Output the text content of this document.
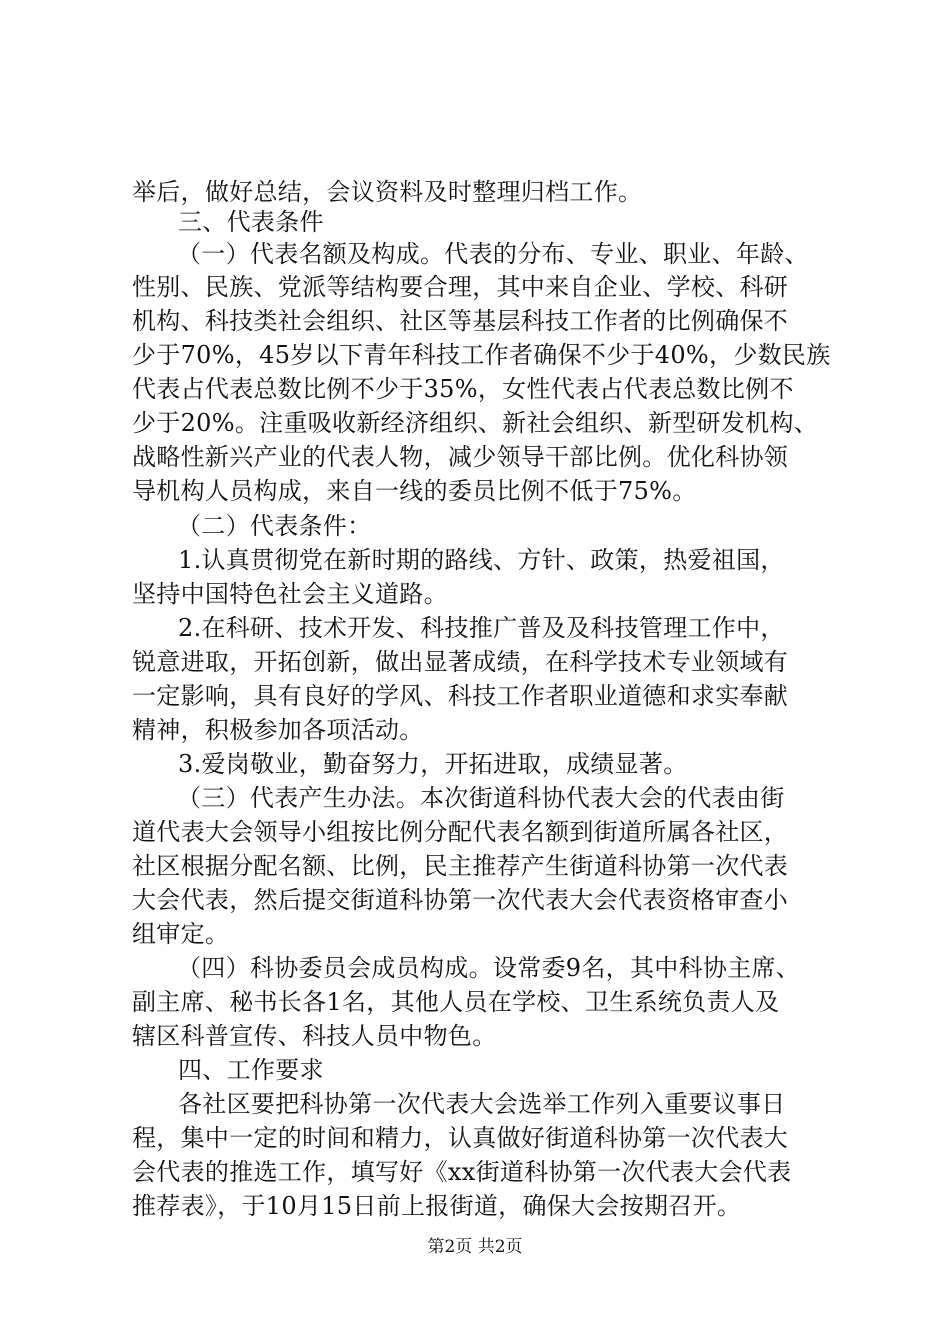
举后，做好总结，会议资料及时整理归档工作。
三、代表条件
（一）代表名额及构成。代表的分布、专业、职业、年龄、
性别、民族、党派等结构要合理，其中来自企业、学校、科研
机构、科技类社会组织、社区等基层科技工作者的比例确保不
少于70%，45岁以下青年科技工作者确保不少于40%，少数民族
代表占代表总数比例不少于35%，女性代表占代表总数比例不
少于20%。注重吸收新经济组织、新社会组织、新型研发机构、
战略性新兴产业的代表人物，减少领导干部比例。优化科协领
导机构人员构成，来自一线的委员比例不低于75%。
（二）代表条件：
1.认真贯彻党在新时期的路线、方针、政策，热爱祖国，
坚持中国特色社会主义道路。
2.在科研、技术开发、科技推广普及及科技管理工作中，
锐意进取，开拓创新，做出显著成绩，在科学技术专业领域有
一定影响，具有良好的学风、科技工作者职业道德和求实奉献
精神，积极参加各项活动。
3.爱岗敬业，勤奋努力，开拓进取，成绩显著。
（三）代表产生办法。本次街道科协代表大会的代表由街
道代表大会领导小组按比例分配代表名额到街道所属各社区，
社区根据分配名额、比例，民主推荐产生街道科协第一次代表
大会代表，然后提交街道科协第一次代表大会代表资格审查小
组审定。
（四）科协委员会成员构成。设常委9名，其中科协主席、
副主席、秘书长各1名，其他人员在学校、卫生系统负责人及
辖区科普宣传、科技人员中物色。
四、工作要求
各社区要把科协第一次代表大会选举工作列入重要议事日
程，集中一定的时间和精力，认真做好街道科协第一次代表大
会代表的推选工作，填写好《xx街道科协第一次代表大会代表
推荐表》，于10月15日前上报街道，确保大会按期召开。
第2页 共2页
